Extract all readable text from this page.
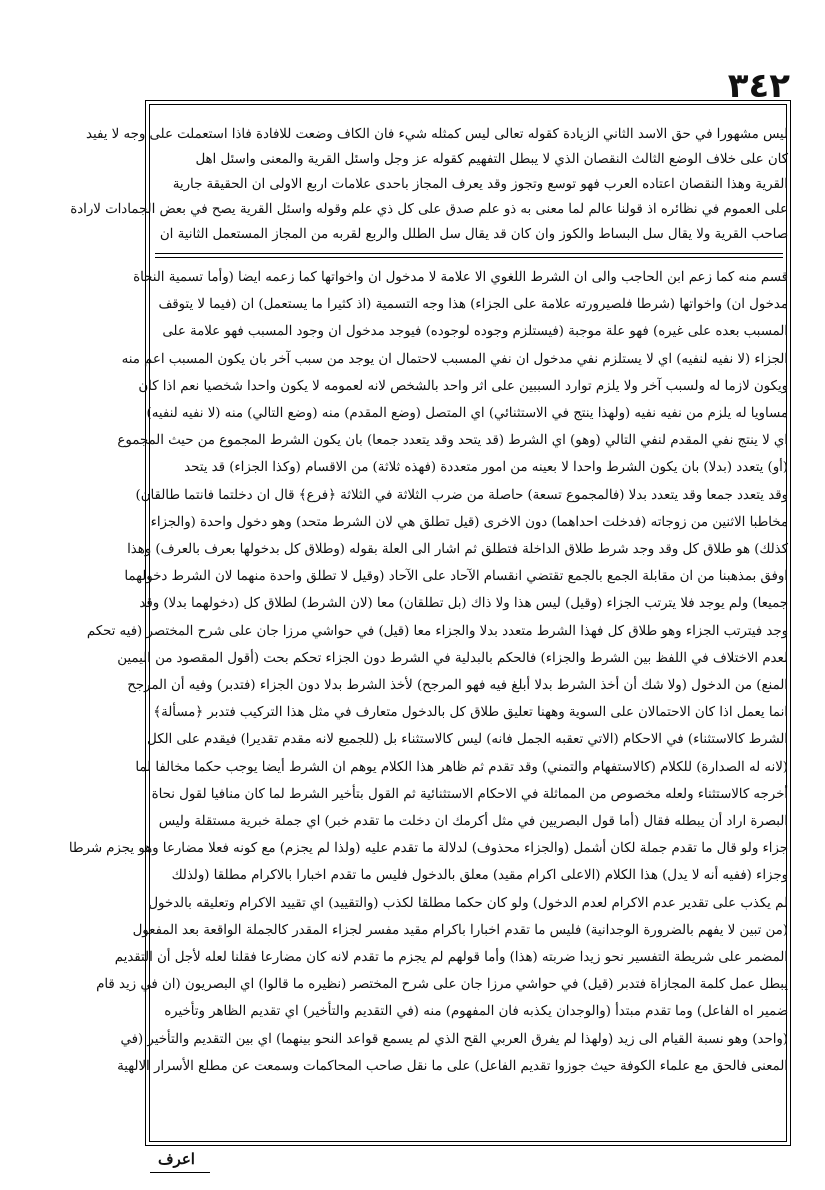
٣٤٢

ليس مشهورا في حق الاسد الثاني الزيادة كقوله تعالى ليس كمثله شيء فان الكاف وضعت للافادة فاذا استعملت على وجه لا يفيد

كان على خلاف الوضع الثالث النقصان الذي لا يبطل التفهيم كقوله عز وجل واسئل القرية والمعنى واسئل اهل

القرية وهذا النقصان اعتاده العرب فهو توسع وتجوز وقد يعرف المجاز باحدى علامات اربع الاولى ان الحقيقة جارية

على العموم في نظائره اذ قولنا عالم لما معنى به ذو علم صدق على كل ذي علم وقوله واسئل القرية يصح في بعض الجمادات لارادة

صاحب القرية ولا يقال سل البساط والكوز وان كان قد يقال سل الطلل والربع لقربه من المجاز المستعمل الثانية ان

قسم منه كما زعم ابن الحاجب والى ان الشرط اللغوي الا علامة لا مدخول ان واخواتها كما زعمه ايضا (وأما تسمية النحاة

مدخول ان) واخواتها (شرطا فلصيرورته علامة على الجزاء) هذا وجه التسمية (اذ كثيرا ما يستعمل) ان (فيما لا يتوقف

المسبب بعده على غيره) فهو علة موجبة (فيستلزم وجوده لوجوده) فيوجد مدخول ان وجود المسبب فهو علامة على

الجزاء (لا نفيه لنفيه) اي لا يستلزم نفي مدخول ان نفي المسبب لاحتمال ان يوجد من سبب آخر بان يكون المسبب اعم منه

ويكون لازما له ولسبب آخر ولا يلزم توارد السببين على اثر واحد بالشخص لانه لعمومه لا يكون واحدا شخصيا نعم اذا كان

مساويا له يلزم من نفيه نفيه (ولهذا ينتج في الاستثنائي) اي المتصل (وضع المقدم) منه (وضع التالي) منه (لا نفيه لنفيه)

اي لا ينتج نفي المقدم لنفي التالي (وهو) اي الشرط (قد يتحد وقد يتعدد جمعا) بان يكون الشرط المجموع من حيث المجموع

(أو) يتعدد (بدلا) بان يكون الشرط واحدا لا بعينه من امور متعددة (فهذه ثلاثة) من الاقسام (وكذا الجزاء) قد يتحد

وقد يتعدد جمعا وقد يتعدد بدلا (فالمجموع تسعة) حاصلة من ضرب الثلاثة في الثلاثة ﴿فرع﴾ قال ان دخلتما فانتما طالقان)

مخاطبا الاثنين من زوجاته (فدخلت احداهما) دون الاخرى (قيل تطلق هي لان الشرط متحد) وهو دخول واحدة (والجزاء

كذلك) هو طلاق كل وقد وجد شرط طلاق الداخلة فتطلق ثم اشار الى العلة بقوله (وطلاق كل بدخولها بعرف بالعرف) وهذا

اوفق بمذهبنا من ان مقابلة الجمع بالجمع تقتضي انقسام الآحاد على الآحاد (وقيل لا تطلق واحدة منهما لان الشرط دخولهما

جميعا) ولم يوجد فلا يترتب الجزاء (وقيل) ليس هذا ولا ذاك (بل تطلقان) معا (لان الشرط) لطلاق كل (دخولهما بدلا) وقد

وجد فيترتب الجزاء وهو طلاق كل فهذا الشرط متعدد بدلا والجزاء معا (قيل) في حواشي مرزا جان على شرح المختصر (فيه تحكم

لعدم الاختلاف في اللفظ بين الشرط والجزاء) فالحكم بالبدلية في الشرط دون الجزاء تحكم بحت (أقول المقصود من اليمين

المنع) من الدخول (ولا شك أن أخذ الشرط بدلا أبلغ فيه فهو المرجح) لأخذ الشرط بدلا دون الجزاء (فتدبر) وفيه أن المرجح

انما يعمل اذا كان الاحتمالان على السوية وههنا تعليق طلاق كل بالدخول متعارف في مثل هذا التركيب فتدبر ﴿مسألة﴾

الشرط كالاستثناء) في الاحكام (الاتي تعقبه الجمل فانه) ليس كالاستثناء بل (للجميع لانه مقدم تقديرا) فيقدم على الكل

(لانه له الصدارة) للكلام (كالاستفهام والتمني) وقد تقدم ثم ظاهر هذا الكلام يوهم ان الشرط أيضا يوجب حكما مخالفا لما

أخرجه كالاستثناء ولعله مخصوص من المماثلة في الاحكام الاستثنائية ثم القول بتأخير الشرط لما كان منافيا لقول نحاة

البصرة اراد أن يبطله فقال (أما قول البصريين في مثل أكرمك ان دخلت ما تقدم خبر) اي جملة خبرية مستقلة وليس

جزاء ولو قال ما تقدم جملة لكان أشمل (والجزاء محذوف) لدلالة ما تقدم عليه (ولذا لم يجزم) مع كونه فعلا مضارعا وهو يجزم شرطا

وجزاء (ففيه أنه لا يدل) هذا الكلام (الاعلى اكرام مقيد) معلق بالدخول فليس ما تقدم اخبارا بالاكرام مطلقا (ولذلك

لم يكذب على تقدير عدم الاكرام لعدم الدخول) ولو كان حكما مطلقا لكذب (والتقييد) اي تقييد الاكرام وتعليقه بالدخول

(من تبين لا يفهم بالضرورة الوجدانية) فليس ما تقدم اخبارا باكرام مقيد مفسر لجزاء المقدر كالجملة الواقعة بعد المفعول

المضمر على شريطة التفسير نحو زيدا ضربته (هذا) وأما قولهم لم يجزم ما تقدم لانه كان مضارعا فقلنا لعله لأجل أن التقديم

يبطل عمل كلمة المجازاة فتدبر (قيل) في حواشي مرزا جان على شرح المختصر (نظيره ما قالوا) اي البصريون (ان في زيد قام

ضمير اه الفاعل) وما تقدم مبتدأ (والوجدان يكذبه فان المفهوم) منه (في التقديم والتأخير) اي تقديم الظاهر وتأخيره

(واحد) وهو نسبة القيام الى زيد (ولهذا لم يفرق العربي القح الذي لم يسمع قواعد النحو بينهما) اي بين التقديم والتأخير (في

المعنى فالحق مع علماء الكوفة حيث جوزوا تقديم الفاعل) على ما نقل صاحب المحاكمات وسمعت عن مطلع الأسرار الالهية

اعرف
